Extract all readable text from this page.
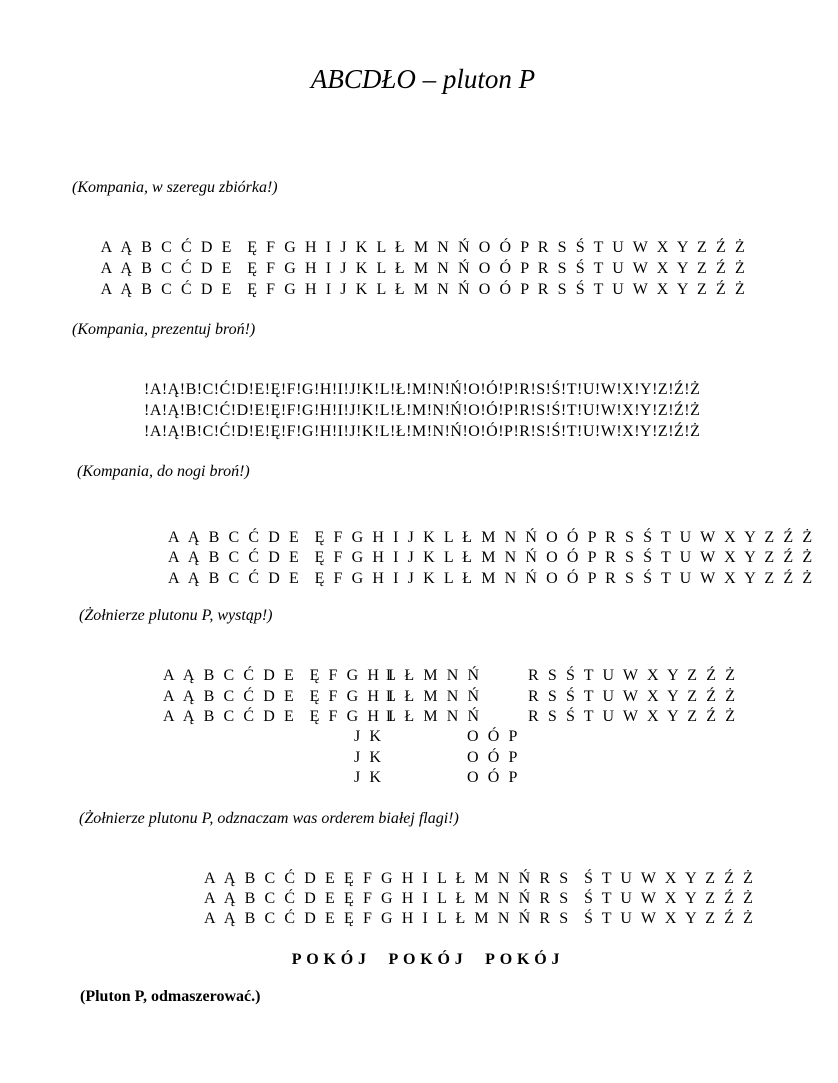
ABCDŁO – pluton P
(Kompania, w szeregu zbiórka!)
A Ą B C Ć D E  Ę F G H I J K L Ł M N Ń O Ó P R S Ś T U W X Y Z Ź Ż
A Ą B C Ć D E  Ę F G H I J K L Ł M N Ń O Ó P R S Ś T U W X Y Z Ź Ż
A Ą B C Ć D E  Ę F G H I J K L Ł M N Ń O Ó P R S Ś T U W X Y Z Ź Ż
(Kompania, prezentuj broń!)
!A!Ą!B!C!Ć!D!E!Ę!F!G!H!I!J!K!L!Ł!M!N!Ń!O!Ó!P!R!S!Ś!T!U!W!X!Y!Z!Ź!Ż
!A!Ą!B!C!Ć!D!E!Ę!F!G!H!I!J!K!L!Ł!M!N!Ń!O!Ó!P!R!S!Ś!T!U!W!X!Y!Z!Ź!Ż
!A!Ą!B!C!Ć!D!E!Ę!F!G!H!I!J!K!L!Ł!M!N!Ń!O!Ó!P!R!S!Ś!T!U!W!X!Y!Z!Ź!Ż
(Kompania, do nogi broń!)
A Ą B C Ć D E  Ę F G H I J K L Ł M N Ń O Ó P R S Ś T U W X Y Z Ź Ż
A Ą B C Ć D E  Ę F G H I J K L Ł M N Ń O Ó P R S Ś T U W X Y Z Ź Ż
A Ą B C Ć D E  Ę F G H I J K L Ł M N Ń O Ó P R S Ś T U W X Y Z Ź Ż
(Żołnierze plutonu P, wystąp!)
A Ą B C Ć D E  Ę F G H I
L Ł M N Ń	R S Ś T U W X Y Z Ź Ż
A Ą B C Ć D E  Ę F G H I
L Ł M N Ń	R S Ś T U W X Y Z Ź Ż
A Ą B C Ć D E  Ę F G H I
L Ł M N Ń	R S Ś T U W X Y Z Ź Ż
J K	O Ó P
J K	O Ó P
J K	O Ó P
(Żołnierze plutonu P, odznaczam was orderem białej flagi!)
A Ą B C Ć D E Ę F G H I L Ł M N Ń R S  Ś T U W X Y Z Ź Ż
A Ą B C Ć D E Ę F G H I L Ł M N Ń R S  Ś T U W X Y Z Ź Ż
A Ą B C Ć D E Ę F G H I L Ł M N Ń R S  Ś T U W X Y Z Ź Ż
POKÓJ  POKÓJ  POKÓJ
(Pluton P, odmaszerować.)
